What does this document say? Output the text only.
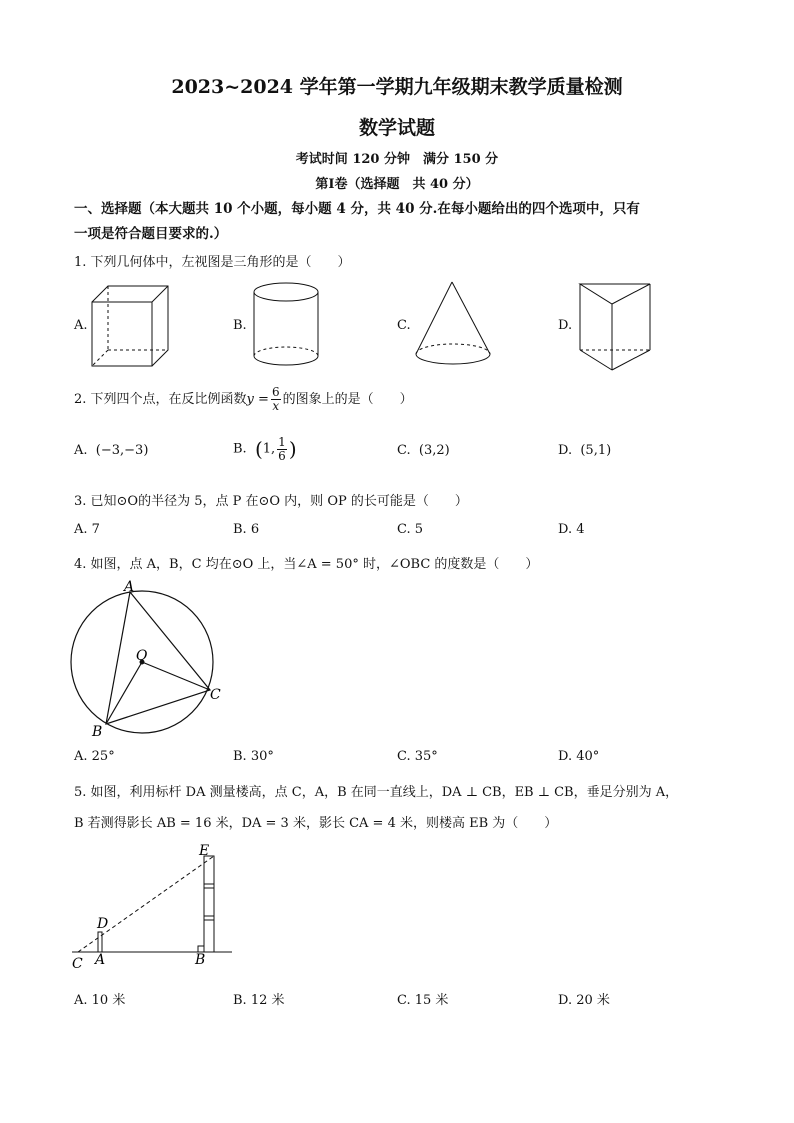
2023~2024 学年第一学期九年级期末教学质量检测
数学试题
考试时间 120 分钟　满分 150 分
第Ⅰ卷（选择题　共 40 分）
一、选择题（本大题共 10 个小题，每小题 4 分，共 40 分.在每小题给出的四个选项中，只有
一项是符合题目要求的.）
1. 下列几何体中，左视图是三角形的是（　　）
A.	B.	C.	D.
2. 下列四个点，在反比例函数$y = \frac{6}{x}$ 的图象上的是（　　）
A. (−3,−3)	B. (1, $\frac{1}{6}$ )	C. (3,2)	D. (5,1)
3. 已知⊙O的半径为 5，点 P 在⊙O 内，则 OP 的长可能是（　　）
A. 7	B. 6	C. 5	D. 4
4. 如图，点 A，B，C 均在⊙O 上，当∠A = 50° 时，∠OBC 的度数是（　　）
A
O
B
C
A. 25°	B. 30°	C. 35°	D. 40°
5. 如图，利用标杆 DA 测量楼高，点 C，A，B 在同一直线上，DA ⊥ CB，EB ⊥ CB，垂足分别为 A，
B 若测得影长 AB = 16 米，DA = 3 米，影长 CA = 4 米，则楼高 EB 为（　　）
E
D
C A	B
A. 10 米	B. 12 米	C. 15 米	D. 20 米
